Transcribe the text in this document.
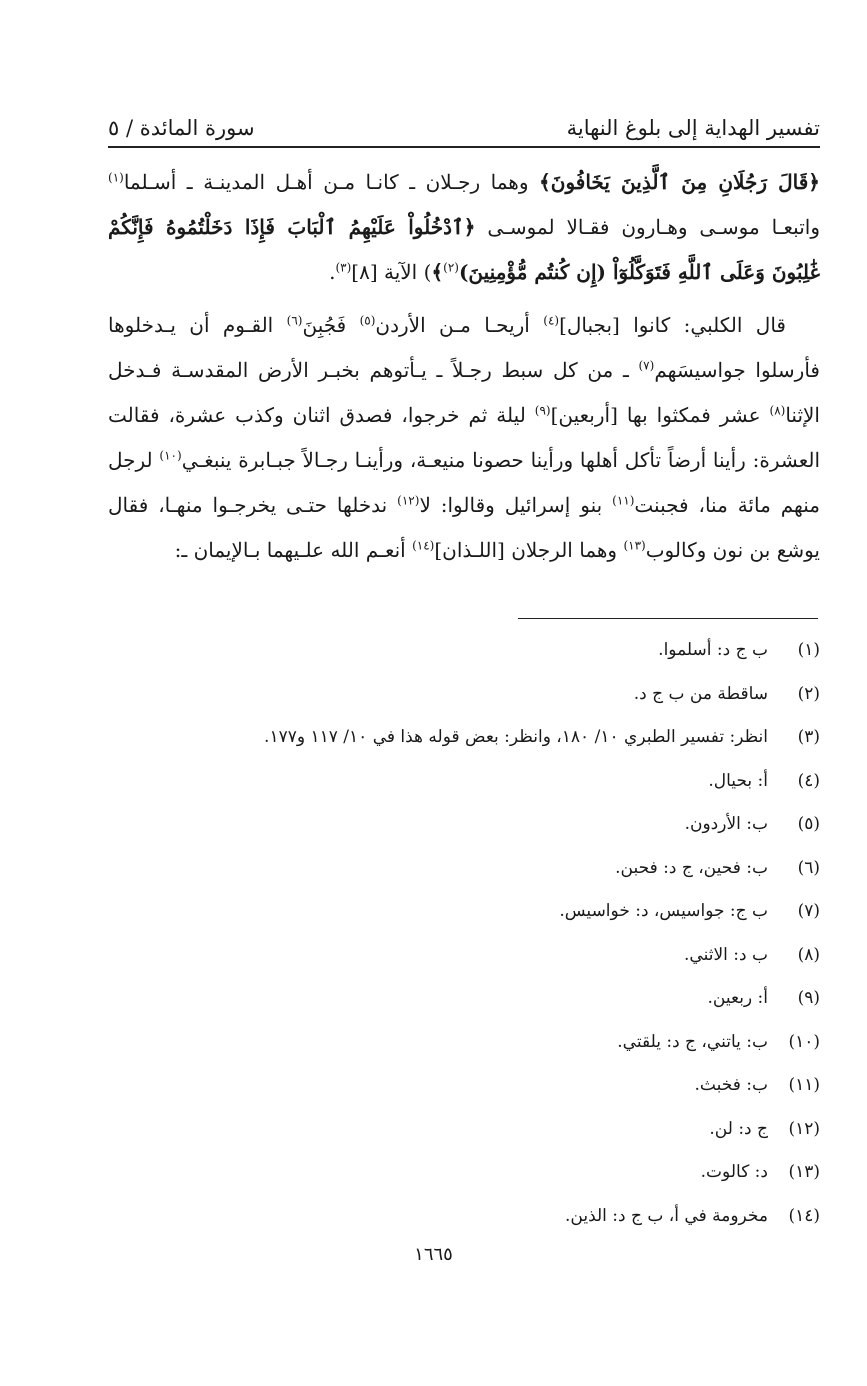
تفسير الهداية إلى بلوغ النهاية
سورة المائدة / ٥

﴿قَالَ رَجُلَانِ مِنَ ٱلَّذِينَ يَخَافُونَ﴾ وهما رجـلان ـ كانـا مـن أهـل المدينـة ـ أسـلما$^{(١)}$ واتبعـا موسـى وهـارون فقـالا لموسـى ﴿ٱدْخُلُواْ عَلَيْهِمُ ٱلْبَابَ فَإِذَا دَخَلْتُمُوهُ فَإِنَّكُمْ غَٰلِبُونَ وَعَلَى ٱللَّهِ فَتَوَكَّلُوٓاْ (إِن كُنتُم مُّؤْمِنِينَ)$^{(٢)}$﴾) الآية [٨]$^{(٣)}$.

قال الكلبي: كانوا [بجبال]$^{(٤)}$ أريحـا مـن الأردن$^{(٥)}$ فَجُبِنَ$^{(٦)}$ القـوم أن يـدخلوها فأرسلوا جواسيسَهم$^{(٧)}$ ـ من كل سبط رجـلاً ـ يـأتوهم بخبـر الأرض المقدسـة فـدخل الإثنا$^{(٨)}$ عشر فمكثوا بها [أربعين]$^{(٩)}$ ليلة ثم خرجوا، فصدق اثنان وكذب عشرة، فقالت العشرة: رأينا أرضاً تأكل أهلها ورأينا حصونا منيعـة، ورأينـا رجـالاً جبـابرة ينبغـي$^{(١٠)}$ لرجل منهم مائة منا، فجبنت$^{(١١)}$ بنو إسرائيل وقالوا: لا$^{(١٢)}$ ندخلها حتـى يخرجـوا منهـا، فقال يوشع بن نون وكالوب$^{(١٣)}$ وهما الرجلان [اللـذان]$^{(١٤)}$ أنعـم الله علـيهما بـالإيمان ـ:

(١)
ب ج د: أسلموا.
(٢)
ساقطة من ب ج د.
(٣)
انظر: تفسير الطبري ١٠/ ١٨٠، وانظر: بعض قوله هذا في ١٠/ ١١٧ و١٧٧.
(٤)
أ: بحيال.
(٥)
ب: الأردون.
(٦)
ب: فحين، ج د: فحبن.
(٧)
ب ج: جواسيس، د: خواسيس.
(٨)
ب د: الاثني.
(٩)
أ: ربعين.
(١٠)
ب: ياتني، ج د: يلقتي.
(١١)
ب: فخبث.
(١٢)
ج د: لن.
(١٣)
د: كالوت.
(١٤)
مخرومة في أ، ب ج د: الذين.
١٦٦٥
